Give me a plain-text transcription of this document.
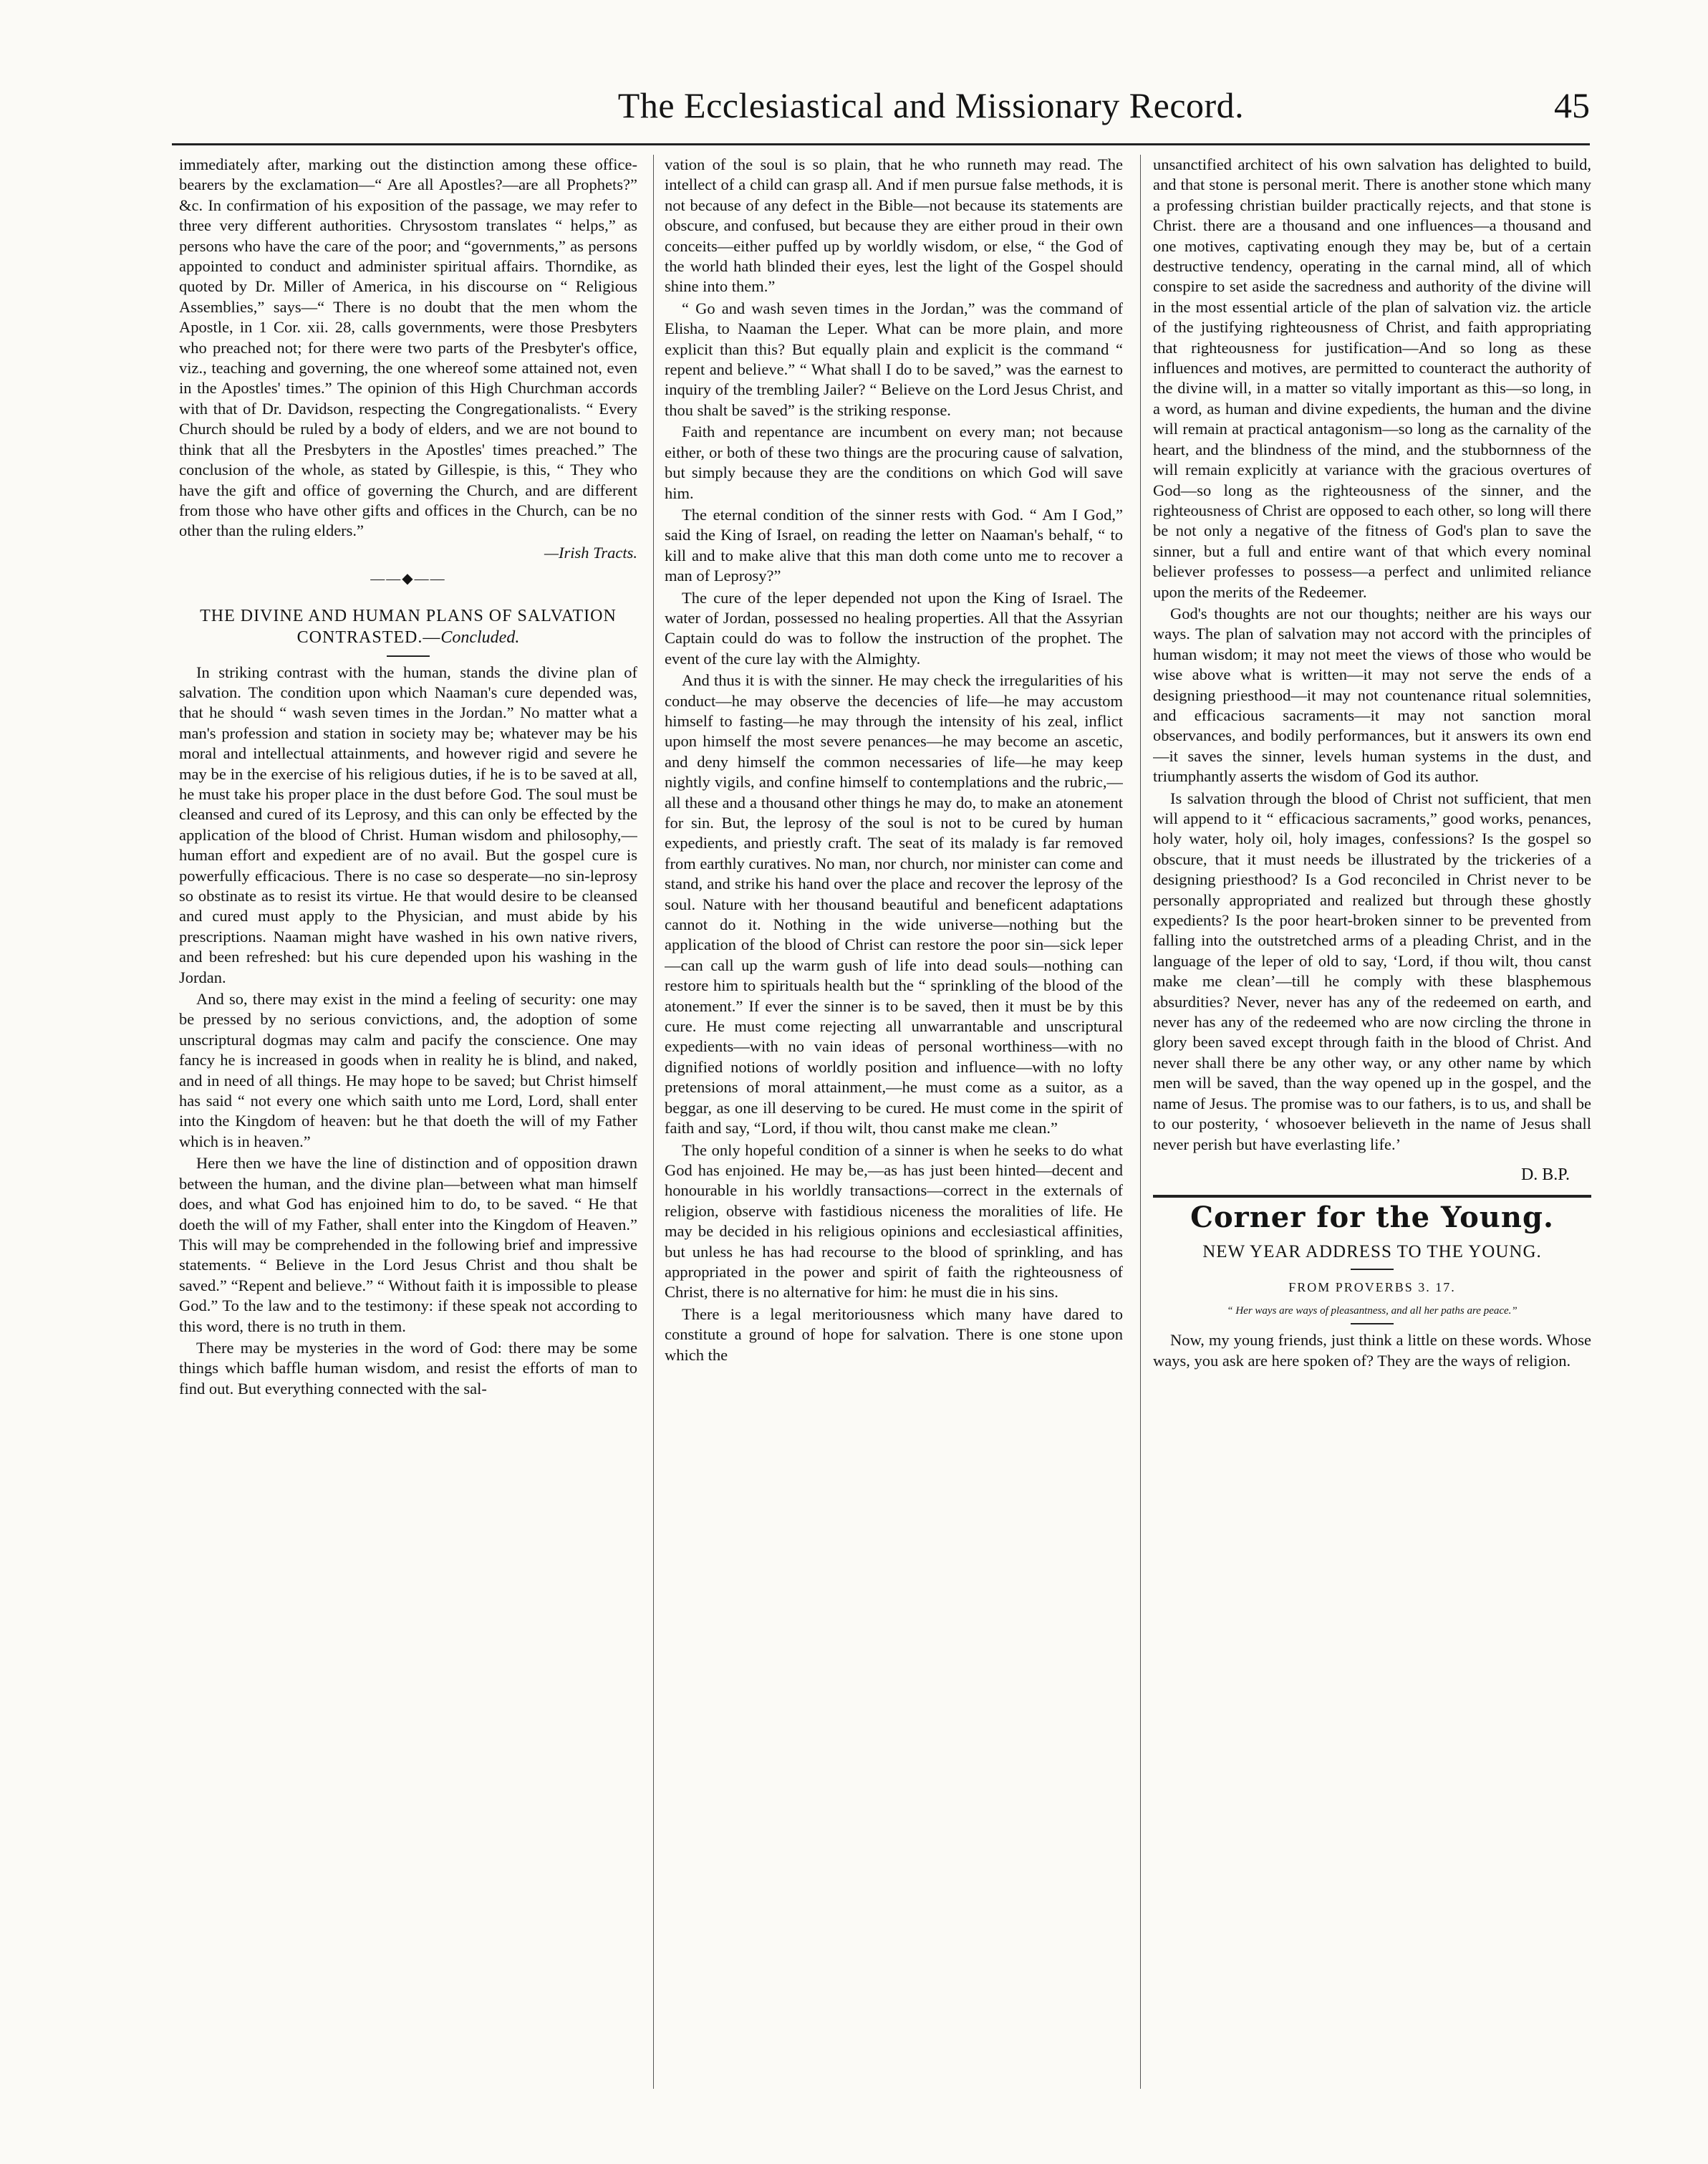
The Ecclesiastical and Missionary Record.	45

immediately after, marking out the distinction among these office-bearers by the exclamation—“ Are all Apostles?—are all Prophets?” &c. In confirmation of his exposition of the passage, we may refer to three very different authorities. Chrysostom translates “ helps,” as persons who have the care of the poor; and “governments,” as persons appointed to conduct and administer spiritual affairs. Thorndike, as quoted by Dr. Miller of America, in his discourse on “ Religious Assemblies,” says—“ There is no doubt that the men whom the Apostle, in 1 Cor. xii. 28, calls governments, were those Presbyters who preached not; for there were two parts of the Presbyter's office, viz., teaching and governing, the one whereof some attained not, even in the Apostles' times.” The opinion of this High Churchman accords with that of Dr. Davidson, respecting the Congregationalists. “ Every Church should be ruled by a body of elders, and we are not bound to think that all the Presbyters in the Apostles' times preached.” The conclusion of the whole, as stated by Gillespie, is this, “ They who have the gift and office of governing the Church, and are different from those who have other gifts and offices in the Church, can be no other than the ruling elders.”

—Irish Tracts.
——◆——
THE DIVINE AND HUMAN PLANS OF SALVATION CONTRASTED.—Concluded.

In striking contrast with the human, stands the divine plan of salvation. The condition upon which Naaman's cure depended was, that he should “ wash seven times in the Jordan.” No matter what a man's profession and station in society may be; whatever may be his moral and intellectual attainments, and however rigid and severe he may be in the exercise of his religious duties, if he is to be saved at all, he must take his proper place in the dust before God. The soul must be cleansed and cured of its Leprosy, and this can only be effected by the application of the blood of Christ. Human wisdom and philosophy,—human effort and expedient are of no avail. But the gospel cure is powerfully efficacious. There is no case so desperate—no sin-leprosy so obstinate as to resist its virtue. He that would desire to be cleansed and cured must apply to the Physician, and must abide by his prescriptions. Naaman might have washed in his own native rivers, and been refreshed: but his cure depended upon his washing in the Jordan.

And so, there may exist in the mind a feeling of security: one may be pressed by no serious convictions, and, the adoption of some unscriptural dogmas may calm and pacify the conscience. One may fancy he is increased in goods when in reality he is blind, and naked, and in need of all things. He may hope to be saved; but Christ himself has said “ not every one which saith unto me Lord, Lord, shall enter into the Kingdom of heaven: but he that doeth the will of my Father which is in heaven.”

Here then we have the line of distinction and of opposition drawn between the human, and the divine plan—between what man himself does, and what God has enjoined him to do, to be saved. “ He that doeth the will of my Father, shall enter into the Kingdom of Heaven.” This will may be comprehended in the following brief and impressive statements. “ Believe in the Lord Jesus Christ and thou shalt be saved.” “Repent and believe.” “ Without faith it is impossible to please God.” To the law and to the testimony: if these speak not according to this word, there is no truth in them.

There may be mysteries in the word of God: there may be some things which baffle human wisdom, and resist the efforts of man to find out. But everything connected with the sal-

vation of the soul is so plain, that he who runneth may read. The intellect of a child can grasp all. And if men pursue false methods, it is not because of any defect in the Bible—not because its statements are obscure, and confused, but because they are either proud in their own conceits—either puffed up by worldly wisdom, or else, “ the God of the world hath blinded their eyes, lest the light of the Gospel should shine into them.”

“ Go and wash seven times in the Jordan,” was the command of Elisha, to Naaman the Leper. What can be more plain, and more explicit than this? But equally plain and explicit is the command “ repent and believe.” “ What shall I do to be saved,” was the earnest to inquiry of the trembling Jailer? “ Believe on the Lord Jesus Christ, and thou shalt be saved” is the striking response.

Faith and repentance are incumbent on every man; not because either, or both of these two things are the procuring cause of salvation, but simply because they are the conditions on which God will save him.

The eternal condition of the sinner rests with God. “ Am I God,” said the King of Israel, on reading the letter on Naaman's behalf, “ to kill and to make alive that this man doth come unto me to recover a man of Leprosy?”

The cure of the leper depended not upon the King of Israel. The water of Jordan, possessed no healing properties. All that the Assyrian Captain could do was to follow the instruction of the prophet. The event of the cure lay with the Almighty.

And thus it is with the sinner. He may check the irregularities of his conduct—he may observe the decencies of life—he may accustom himself to fasting—he may through the intensity of his zeal, inflict upon himself the most severe penances—he may become an ascetic, and deny himself the common necessaries of life—he may keep nightly vigils, and confine himself to contemplations and the rubric,—all these and a thousand other things he may do, to make an atonement for sin. But, the leprosy of the soul is not to be cured by human expedients, and priestly craft. The seat of its malady is far removed from earthly curatives. No man, nor church, nor minister can come and stand, and strike his hand over the place and recover the leprosy of the soul. Nature with her thousand beautiful and beneficent adaptations cannot do it. Nothing in the wide universe—nothing but the application of the blood of Christ can restore the poor sin—sick leper—can call up the warm gush of life into dead souls—nothing can restore him to spirituals health but the “ sprinkling of the blood of the atonement.” If ever the sinner is to be saved, then it must be by this cure. He must come rejecting all unwarrantable and unscriptural expedients—with no vain ideas of personal worthiness—with no dignified notions of worldly position and influence—with no lofty pretensions of moral attainment,—he must come as a suitor, as a beggar, as one ill deserving to be cured. He must come in the spirit of faith and say, “Lord, if thou wilt, thou canst make me clean.”

The only hopeful condition of a sinner is when he seeks to do what God has enjoined. He may be,—as has just been hinted—decent and honourable in his worldly transactions—correct in the externals of religion, observe with fastidious niceness the moralities of life. He may be decided in his religious opinions and ecclesiastical affinities, but unless he has had recourse to the blood of sprinkling, and has appropriated in the power and spirit of faith the righteousness of Christ, there is no alternative for him: he must die in his sins.

There is a legal meritoriousness which many have dared to constitute a ground of hope for salvation. There is one stone upon which the

unsanctified architect of his own salvation has delighted to build, and that stone is personal merit. There is another stone which many a professing christian builder practically rejects, and that stone is Christ. there are a thousand and one influences—a thousand and one motives, captivating enough they may be, but of a certain destructive tendency, operating in the carnal mind, all of which conspire to set aside the sacredness and authority of the divine will in the most essential article of the plan of salvation viz. the article of the justifying righteousness of Christ, and faith appropriating that righteousness for justification—And so long as these influences and motives, are permitted to counteract the authority of the divine will, in a matter so vitally important as this—so long, in a word, as human and divine expedients, the human and the divine will remain at practical antagonism—so long as the carnality of the heart, and the blindness of the mind, and the stubbornness of the will remain explicitly at variance with the gracious overtures of God—so long as the righteousness of the sinner, and the righteousness of Christ are opposed to each other, so long will there be not only a negative of the fitness of God's plan to save the sinner, but a full and entire want of that which every nominal believer professes to possess—a perfect and unlimited reliance upon the merits of the Redeemer.

God's thoughts are not our thoughts; neither are his ways our ways. The plan of salvation may not accord with the principles of human wisdom; it may not meet the views of those who would be wise above what is written—it may not serve the ends of a designing priesthood—it may not countenance ritual solemnities, and efficacious sacraments—it may not sanction moral observances, and bodily performances, but it answers its own end—it saves the sinner, levels human systems in the dust, and triumphantly asserts the wisdom of God its author.

Is salvation through the blood of Christ not sufficient, that men will append to it “ efficacious sacraments,” good works, penances, holy water, holy oil, holy images, confessions? Is the gospel so obscure, that it must needs be illustrated by the trickeries of a designing priesthood? Is a God reconciled in Christ never to be personally appropriated and realized but through these ghostly expedients? Is the poor heart-broken sinner to be prevented from falling into the outstretched arms of a pleading Christ, and in the language of the leper of old to say, ‘Lord, if thou wilt, thou canst make me clean’—till he comply with these blasphemous absurdities? Never, never has any of the redeemed on earth, and never has any of the redeemed who are now circling the throne in glory been saved except through faith in the blood of Christ. And never shall there be any other way, or any other name by which men will be saved, than the way opened up in the gospel, and the name of Jesus. The promise was to our fathers, is to us, and shall be to our posterity, ‘ whosoever believeth in the name of Jesus shall never perish but have everlasting life.’

D. B.P.
Corner for the Young.
NEW YEAR ADDRESS TO THE YOUNG.
FROM PROVERBS 3. 17.
“ Her ways are ways of pleasantness, and all her paths are peace.”

Now, my young friends, just think a little on these words. Whose ways, you ask are here spoken of? They are the ways of religion.
